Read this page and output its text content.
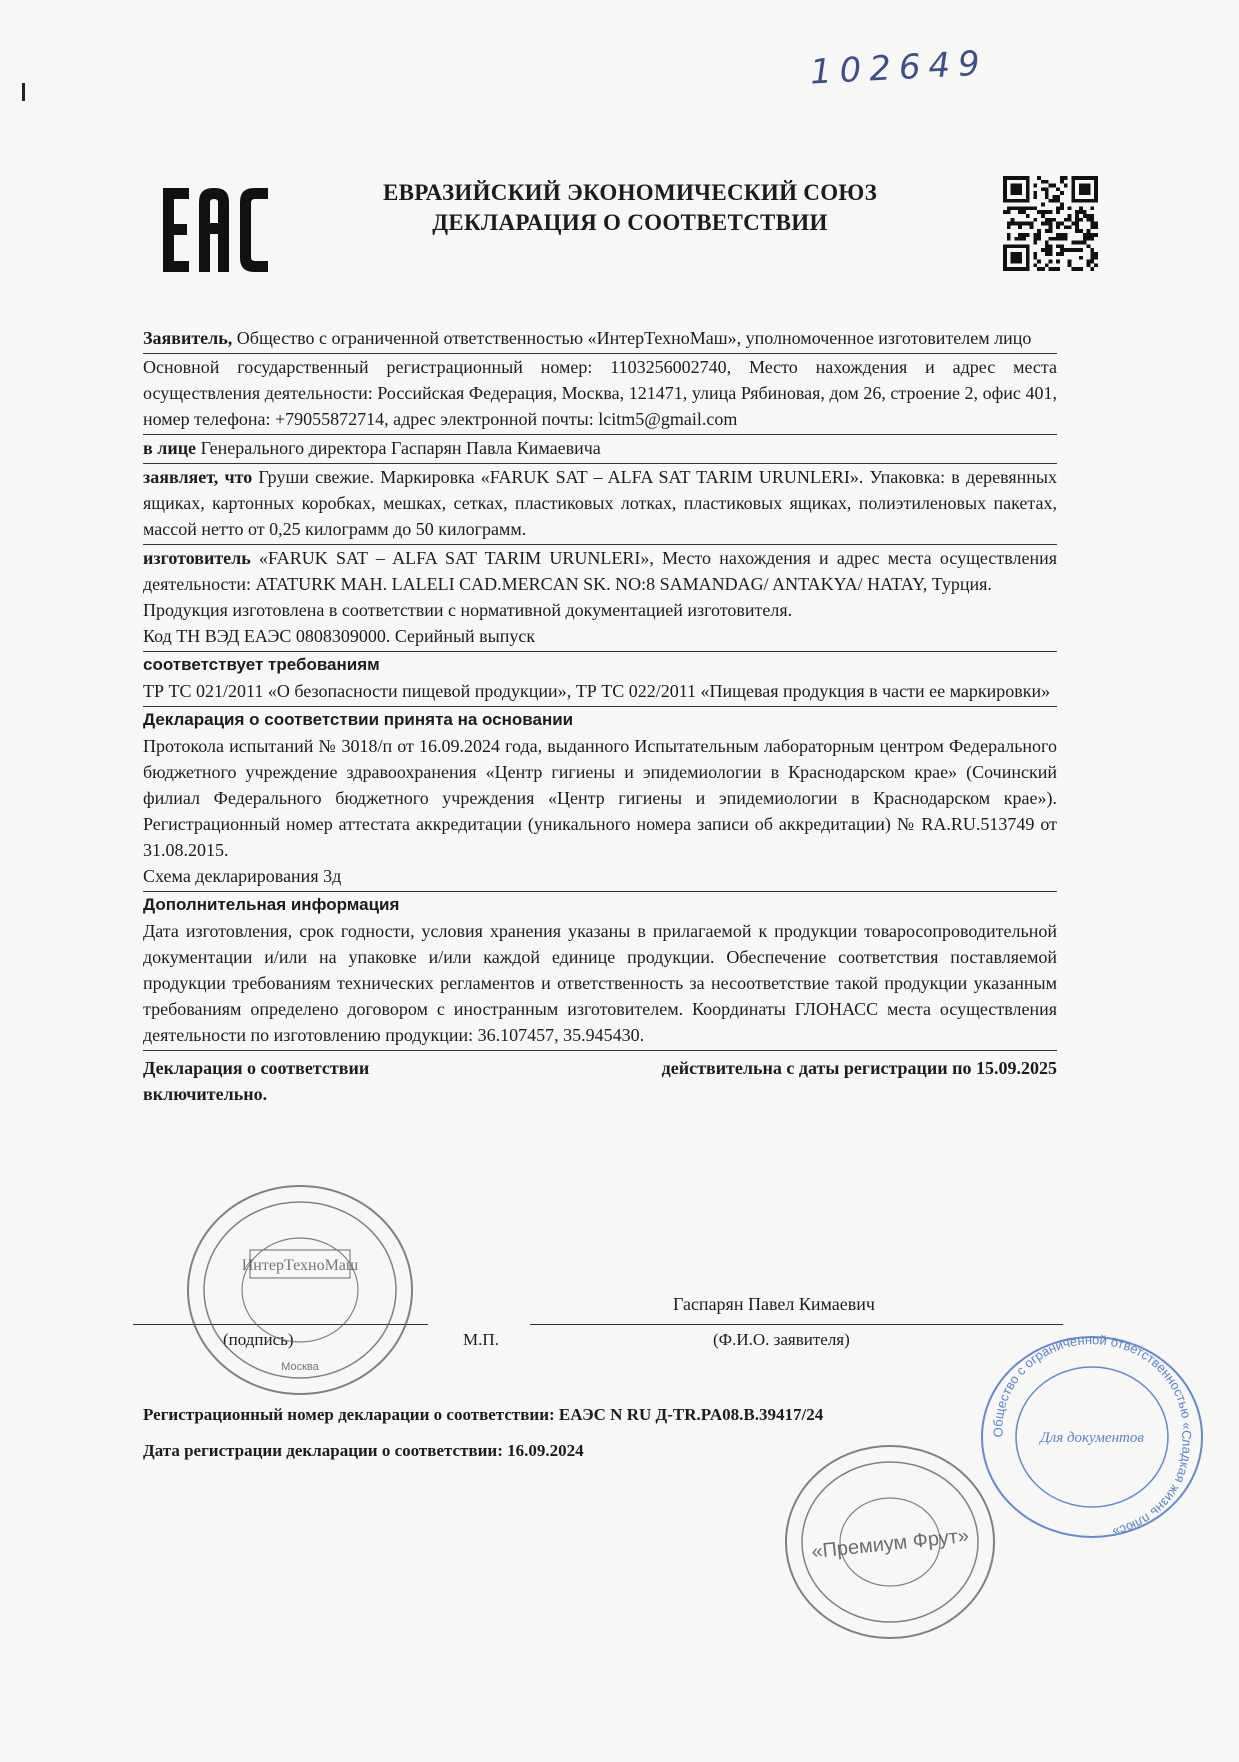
102649
ЕВРАЗИЙСКИЙ ЭКОНОМИЧЕСКИЙ СОЮЗ
ДЕКЛАРАЦИЯ О СООТВЕТСТВИИ

Заявитель, Общество с ограниченной ответственностью «ИнтерТехноМаш», уполномоченное изготовителем лицо

Основной государственный регистрационный номер: 1103256002740, Место нахождения и адрес места осуществления деятельности: Российская Федерация, Москва, 121471, улица Рябиновая, дом 26, строение 2, офис 401, номер телефона: +79055872714, адрес электронной почты: lcitm5@gmail.com

в лице Генерального директора Гаспарян Павла Кимаевича

заявляет, что Груши свежие. Маркировка «FARUK SAT – ALFA SAT TARIM URUNLERI». Упаковка: в деревянных ящиках, картонных коробках, мешках, сетках, пластиковых лотках, пластиковых ящиках, полиэтиленовых пакетах, массой нетто от 0,25 килограмм до 50 килограмм.

изготовитель «FARUK SAT – ALFA SAT TARIM URUNLERI», Место нахождения и адрес места осуществления деятельности: ATATURK MAH. LALELI CAD.MERCAN SK. NO:8 SAMANDAG/ ANTAKYA/ HATAY, Турция.

Продукция изготовлена в соответствии с нормативной документацией изготовителя.

Код ТН ВЭД ЕАЭС 0808309000. Серийный выпуск

соответствует требованиям

ТР ТС 021/2011 «О безопасности пищевой продукции», ТР ТС 022/2011 «Пищевая продукция в части ее маркировки»

Декларация о соответствии принята на основании

Протокола испытаний № 3018/п от 16.09.2024 года, выданного Испытательным лабораторным центром Федерального бюджетного учреждение здравоохранения «Центр гигиены и эпидемиологии в Краснодарском крае» (Сочинский филиал Федерального бюджетного учреждения «Центр гигиены и эпидемиологии в Краснодарском крае»). Регистрационный номер аттестата аккредитации (уникального номера записи об аккредитации) № RA.RU.513749 от 31.08.2015.

Схема декларирования 3д

Дополнительная информация

Дата изготовления, срок годности, условия хранения указаны в прилагаемой к продукции товаросопроводительной документации и/или на упаковке и/или каждой единице продукции. Обеспечение соответствия поставляемой продукции требованиям технических регламентов и ответственность за несоответствие такой продукции указанным требованиям определено договором с иностранным изготовителем. Координаты ГЛОНАСС места осуществления деятельности по изготовлению продукции: 36.107457, 35.945430.

Декларация о соответствии	действительна с даты регистрации по 15.09.2025
включительно.
Гаспарян Павел Кимаевич
(подпись)	М.П.	(Ф.И.О. заявителя)
Регистрационный номер декларации о соответствии: ЕАЭС N RU Д-TR.PA08.B.39417/24
Дата регистрации декларации о соответствии: 16.09.2024
ИнтерТехноМаш
Москва
«Премиум Фрут»
Общество с ограниченной ответственностью «Сладкая жизнь плюс»
Для документов
